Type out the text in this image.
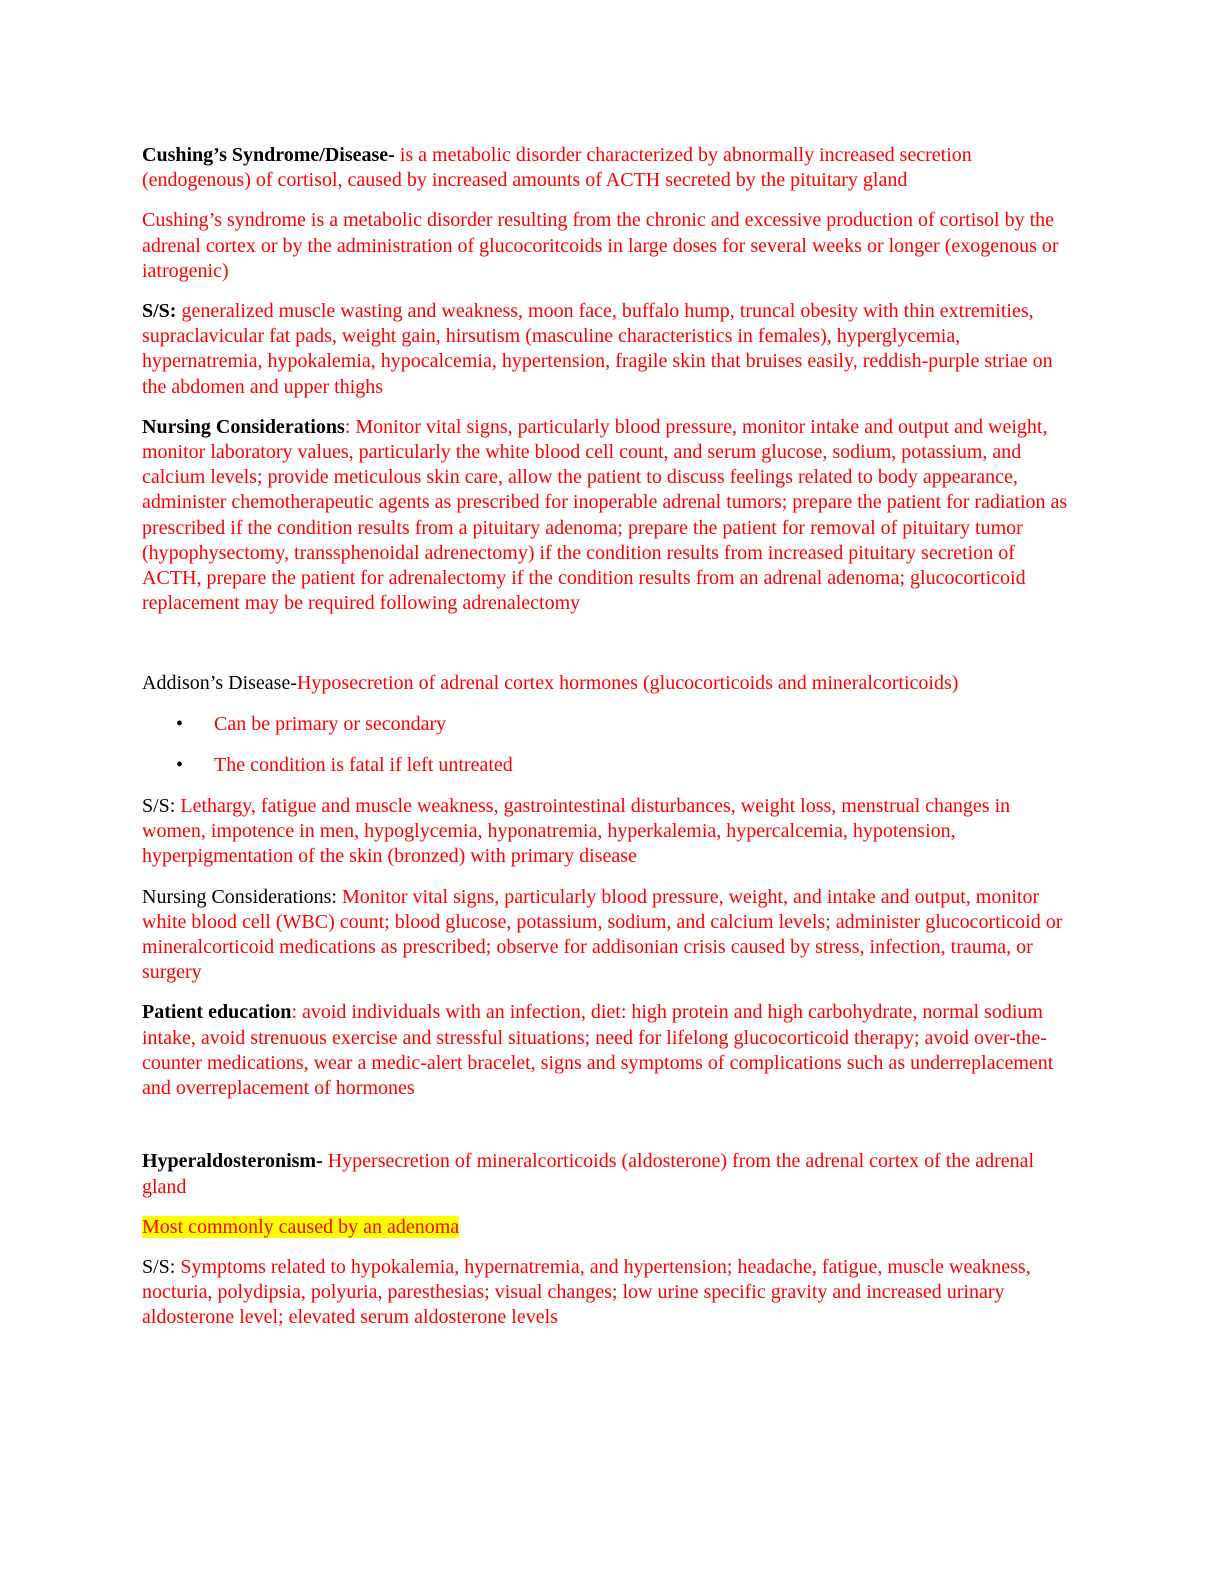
Cushing’s Syndrome/Disease- is a metabolic disorder characterized by abnormally increased secretion (endogenous) of cortisol, caused by increased amounts of ACTH secreted by the pituitary gland

Cushing’s syndrome is a metabolic disorder resulting from the chronic and excessive production of cortisol by the adrenal cortex or by the administration of glucocoritcoids in large doses for several weeks or longer (exogenous or iatrogenic)

S/S: generalized muscle wasting and weakness, moon face, buffalo hump, truncal obesity with thin extremities, supraclavicular fat pads, weight gain, hirsutism (masculine characteristics in females), hyperglycemia, hypernatremia, hypokalemia, hypocalcemia, hypertension, fragile skin that bruises easily, reddish-purple striae on the abdomen and upper thighs

Nursing Considerations: Monitor vital signs, particularly blood pressure, monitor intake and output and weight, monitor laboratory values, particularly the white blood cell count, and serum glucose, sodium, potassium, and calcium levels; provide meticulous skin care, allow the patient to discuss feelings related to body appearance, administer chemotherapeutic agents as prescribed for inoperable adrenal tumors; prepare the patient for radiation as prescribed if the condition results from a pituitary adenoma; prepare the patient for removal of pituitary tumor (hypophysectomy, transsphenoidal adrenectomy) if the condition results from increased pituitary secretion of ACTH, prepare the patient for adrenalectomy if the condition results from an adrenal adenoma; glucocorticoid replacement may be required following adrenalectomy

Addison’s Disease-Hyposecretion of adrenal cortex hormones (glucocorticoids and mineralcorticoids)

• Can be primary or secondary
• The condition is fatal if left untreated

S/S: Lethargy, fatigue and muscle weakness, gastrointestinal disturbances, weight loss, menstrual changes in women, impotence in men, hypoglycemia, hyponatremia, hyperkalemia, hypercalcemia, hypotension, hyperpigmentation of the skin (bronzed) with primary disease

Nursing Considerations: Monitor vital signs, particularly blood pressure, weight, and intake and output, monitor white blood cell (WBC) count; blood glucose, potassium, sodium, and calcium levels; administer glucocorticoid or mineralcorticoid medications as prescribed; observe for addisonian crisis caused by stress, infection, trauma, or surgery

Patient education: avoid individuals with an infection, diet: high protein and high carbohydrate, normal sodium intake, avoid strenuous exercise and stressful situations; need for lifelong glucocorticoid therapy; avoid over-the-counter medications, wear a medic-alert bracelet, signs and symptoms of complications such as underreplacement and overreplacement of hormones

Hyperaldosteronism- Hypersecretion of mineralcorticoids (aldosterone) from the adrenal cortex of the adrenal gland

Most commonly caused by an adenoma

S/S: Symptoms related to hypokalemia, hypernatremia, and hypertension; headache, fatigue, muscle weakness, nocturia, polydipsia, polyuria, paresthesias; visual changes; low urine specific gravity and increased urinary aldosterone level; elevated serum aldosterone levels
